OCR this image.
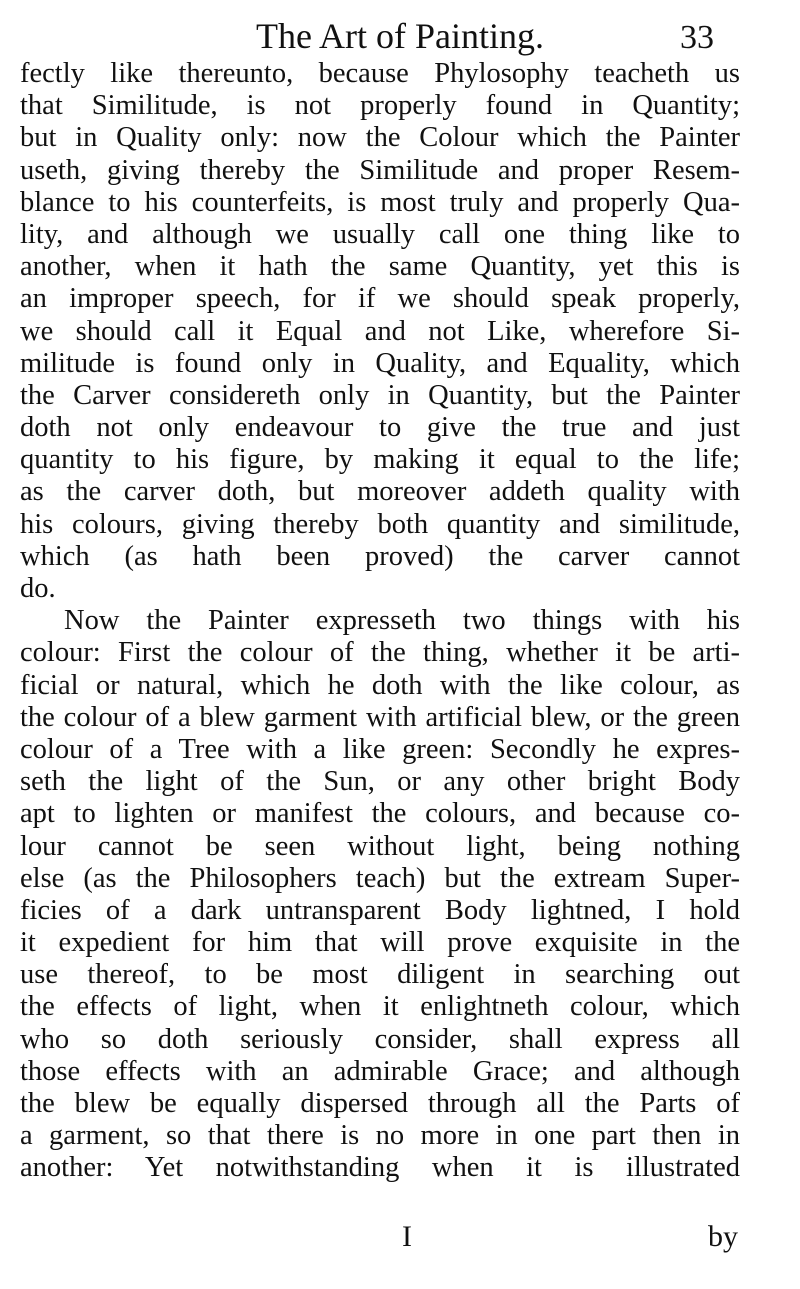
The Art of Painting.	33
fectly like thereunto, because Phylosophy teacheth us
that Similitude, is not properly found in Quantity;
but in Quality only: now the Colour which the Painter
useth, giving thereby the Similitude and proper Resem-
blance to his counterfeits, is most truly and properly Qua-
lity, and although we usually call one thing like to
another, when it hath the same Quantity, yet this is
an improper speech, for if we should speak properly,
we should call it Equal and not Like, wherefore Si-
militude is found only in Quality, and Equality, which
the Carver considereth only in Quantity, but the Painter
doth not only endeavour to give the true and just
quantity to his figure, by making it equal to the life;
as the carver doth, but moreover addeth quality with
his colours, giving thereby both quantity and similitude,
which (as hath been proved) the carver cannot
do.
Now the Painter expresseth two things with his
colour: First the colour of the thing, whether it be arti-
ficial or natural, which he doth with the like colour, as
the colour of a blew garment with artificial blew, or the green
colour of a Tree with a like green: Secondly he expres-
seth the light of the Sun, or any other bright Body
apt to lighten or manifest the colours, and because co-
lour cannot be seen without light, being nothing
else (as the Philosophers teach) but the extream Super-
ficies of a dark untransparent Body lightned, I hold
it expedient for him that will prove exquisite in the
use thereof, to be most diligent in searching out
the effects of light, when it enlightneth colour, which
who so doth seriously consider, shall express all
those effects with an admirable Grace; and although
the blew be equally dispersed through all the Parts of
a garment, so that there is no more in one part then in
another: Yet notwithstanding when it is illustrated
I	by
